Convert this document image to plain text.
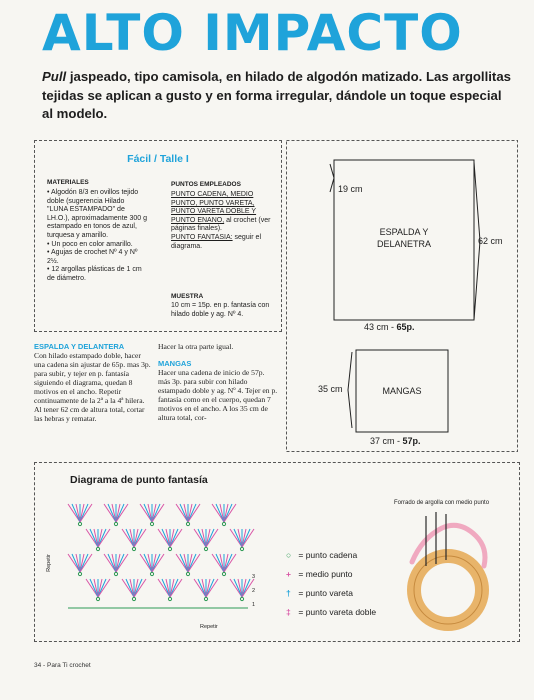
ALTO IMPACTO
Pull jaspeado, tipo camisola, en hilado de algodón matizado. Las argollitas tejidas se aplican a gusto y en forma irregular, dándole un toque especial al modelo.
Fácil / Talle I
MATERIALES
• Algodón 8/3 en ovillos tejido doble (sugerencia Hilado "LUNA ESTAMPADO" de LH.O.), aproximadamente 300 g estampado en tonos de azul, turquesa y amarillo.
• Un poco en color amarillo.
• Agujas de crochet Nº 4 y Nº 2½.
• 12 argollas plásticas de 1 cm de diámetro.
PUNTOS EMPLEADOS
PUNTO CADENA, MEDIO PUNTO, PUNTO VARETA, PUNTO VARETA DOBLE Y PUNTO ENANO, al crochet (ver páginas finales).
PUNTO FANTASIA: seguir el diagrama.
MUESTRA
10 cm = 15p. en p. fantasía con hilado doble y ag. Nº 4.
ESPALDA Y DELANTERA
Con hilado estampado doble, hacer una cadena sin ajustar de 65p. mas 3p. para subir, y tejer en p. fantasía siguiendo el diagrama, quedan 8 motivos en el ancho. Repetir continuamente de la 2ª a la 4ª hilera. Al tener 62 cm de altura total, cortar las hebras y rematar.
Hacer la otra parte igual.
MANGAS
Hacer una cadena de inicio de 57p. más 3p. para subir con hilado estampado doble y ag. Nº 4. Tejer en p. fantasía como en el cuerpo, quedan 7 motivos en el ancho. A los 35 cm de altura total, cor-
19 cm
62 cm
ESPALDA Y
DELANETRA
43 cm - 65p.
MANGAS
35 cm
37 cm - 57p.
Diagrama de punto fantasía
Repetir
Repetir
3
2
1
○ = punto cadena
+ = medio punto
† = punto vareta
‡ = punto vareta doble
Forrado de argolla con medio punto
34 - Para Ti crochet
